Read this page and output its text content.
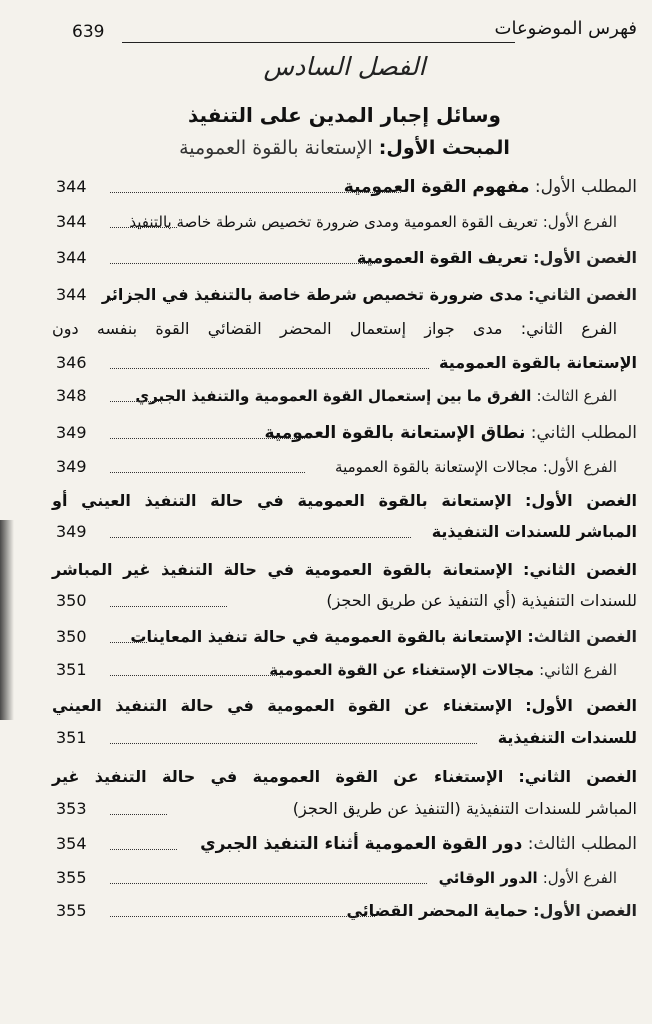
639	فهرس الموضوعات
الفصل السادس
وسائل إجبار المدين على التنفيذ
المبحث الأول: الإستعانة بالقوة العمومية
المطلب الأول: مفهوم القوة العمومية
344
الفرع الأول: تعريف القوة العمومية ومدى ضرورة تخصيص شرطة خاصة بالتنفيذ
344
الغصن الأول: تعريف القوة العمومية
344
الغصن الثاني: مدى ضرورة تخصيص شرطة خاصة بالتنفيذ في الجزائر
344
الفرع الثاني: مدى جواز إستعمال المحضر القضائي القوة بنفسه دون
الإستعانة بالقوة العمومية
346
الفرع الثالث: الفرق ما بين إستعمال القوة العمومية والتنفيذ الجبري
348
المطلب الثاني: نطاق الإستعانة بالقوة العمومية
349
الفرع الأول: مجالات الإستعانة بالقوة العمومية
349
الغصن الأول: الإستعانة بالقوة العمومية في حالة التنفيذ العيني أو
المباشر للسندات التنفيذية
349
الغصن الثاني: الإستعانة بالقوة العمومية في حالة التنفيذ غير المباشر
للسندات التنفيذية (أي التنفيذ عن طريق الحجز)
350
الغصن الثالث: الإستعانة بالقوة العمومية في حالة تنفيذ المعاينات
350
الفرع الثاني: مجالات الإستغناء عن القوة العمومية
351
الغصن الأول: الإستغناء عن القوة العمومية في حالة التنفيذ العيني
للسندات التنفيذية
351
الغصن الثاني: الإستغناء عن القوة العمومية في حالة التنفيذ غير
المباشر للسندات التنفيذية (التنفيذ عن طريق الحجز)
353
المطلب الثالث: دور القوة العمومية أثناء التنفيذ الجبري
354
الفرع الأول: الدور الوقائي
355
الغصن الأول: حماية المحضر القضائي
355
